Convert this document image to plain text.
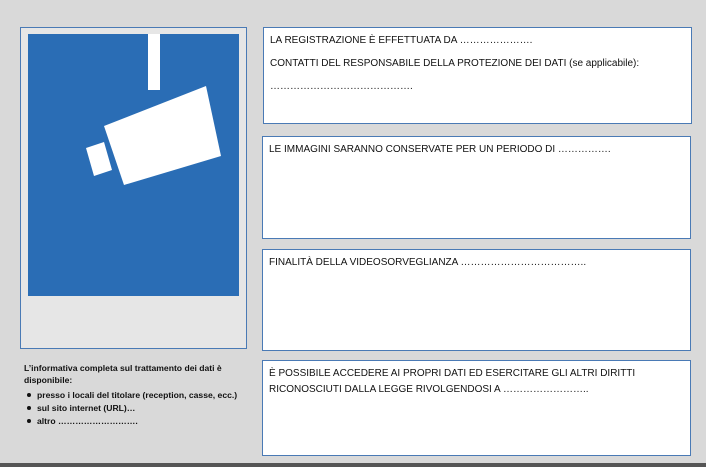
L’informativa completa sul trattamento dei dati è disponibile:

presso i locali del titolare (reception, casse, ecc.)
sul sito internet (URL)…
altro ……………………….

LA REGISTRAZIONE È EFFETTUATA DA ………………….

CONTATTI DEL RESPONSABILE DELLA PROTEZIONE DEI DATI (se applicabile):

…………………………………….

LE IMMAGINI SARANNO CONSERVATE PER UN PERIODO DI …………….

FINALITÀ DELLA VIDEOSORVEGLIANZA ………………………………..

È POSSIBILE ACCEDERE AI PROPRI DATI ED ESERCITARE GLI ALTRI DIRITTI

RICONOSCIUTI DALLA LEGGE RIVOLGENDOSI A ……………………..
